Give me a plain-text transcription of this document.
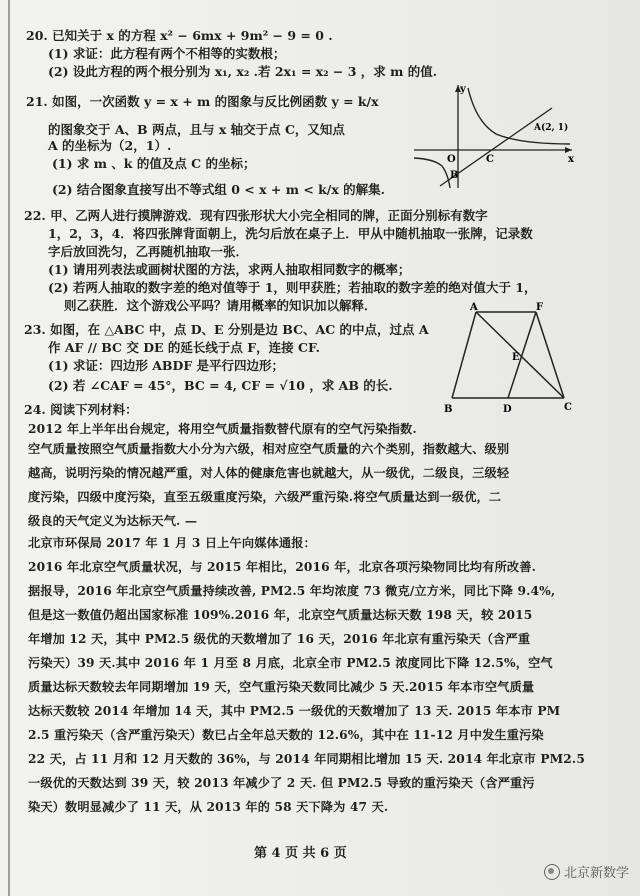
20. 已知关于 x 的方程 x² − 6mx + 9m² − 9 = 0 .
(1) 求证：此方程有两个不相等的实数根；
(2) 设此方程的两个根分别为 x₁, x₂ .若 2x₁ = x₂ − 3 ，求 m 的值.
21. 如图，一次函数 y = x + m 的图象与反比例函数 y = k/x
的图象交于 A、B 两点，且与 x 轴交于点 C，又知点
A 的坐标为（2，1）.
(1) 求 m 、k 的值及点 C 的坐标；
(2) 结合图象直接写出不等式组 0 < x + m < k/x 的解集.
y
x
O	C
A(2, 1)
B
22. 甲、乙两人进行摸牌游戏．现有四张形状大小完全相同的牌，正面分别标有数字
1，2，3，4．将四张牌背面朝上，洗匀后放在桌子上．甲从中随机抽取一张牌，记录数
字后放回洗匀，乙再随机抽取一张．
(1) 请用列表法或画树状图的方法，求两人抽取相同数字的概率；
(2) 若两人抽取的数字差的绝对值等于 1，则甲获胜；若抽取的数字差的绝对值大于 1，
则乙获胜．这个游戏公平吗？请用概率的知识加以解释．
23. 如图，在 △ABC 中，点 D、E 分别是边 BC、AC 的中点，过点 A
作 AF // BC 交 DE 的延长线于点 F，连接 CF.
(1) 求证：四边形 ABDF 是平行四边形；
(2) 若 ∠CAF = 45°，BC = 4, CF = √10 ，求 AB 的长.
A	F
E
B	D	C
24. 阅读下列材料：
2012 年上半年出台规定，将用空气质量指数替代原有的空气污染指数.
空气质量按照空气质量指数大小分为六级，相对应空气质量的六个类别，指数越大、级别
越高，说明污染的情况越严重，对人体的健康危害也就越大，从一级优，二级良，三级轻
度污染，四级中度污染，直至五级重度污染，六级严重污染.将空气质量达到一级优，二
级良的天气定义为达标天气. —
北京市环保局 2017 年 1 月 3 日上午向媒体通报：
2016 年北京空气质量状况，与 2015 年相比，2016 年，北京各项污染物同比均有所改善.
据报导，2016 年北京空气质量持续改善, PM2.5 年均浓度 73 微克/立方米，同比下降 9.4%,
但是这一数值仍超出国家标准 109%.2016 年，北京空气质量达标天数 198 天，较 2015
年增加 12 天，其中 PM2.5 级优的天数增加了 16 天，2016 年北京有重污染天（含严重
污染天）39 天.其中 2016 年 1 月至 8 月底，北京全市 PM2.5 浓度同比下降 12.5%，空气
质量达标天数较去年同期增加 19 天，空气重污染天数同比减少 5 天.2015 年本市空气质量
达标天数较 2014 年增加 14 天，其中 PM2.5 一级优的天数增加了 13 天. 2015 年本市 PM
2.5 重污染天（含严重污染天）数已占全年总天数的 12.6%，其中在 11-12 月中发生重污染
22 天，占 11 月和 12 月天数的 36%，与 2014 年同期相比增加 15 天. 2014 年北京市 PM2.5
一级优的天数达到 39 天，较 2013 年减少了 2 天. 但 PM2.5 导致的重污染天（含严重污
染天）数明显减少了 11 天，从 2013 年的 58 天下降为 47 天.
第 4 页 共 6 页
北京新数学
